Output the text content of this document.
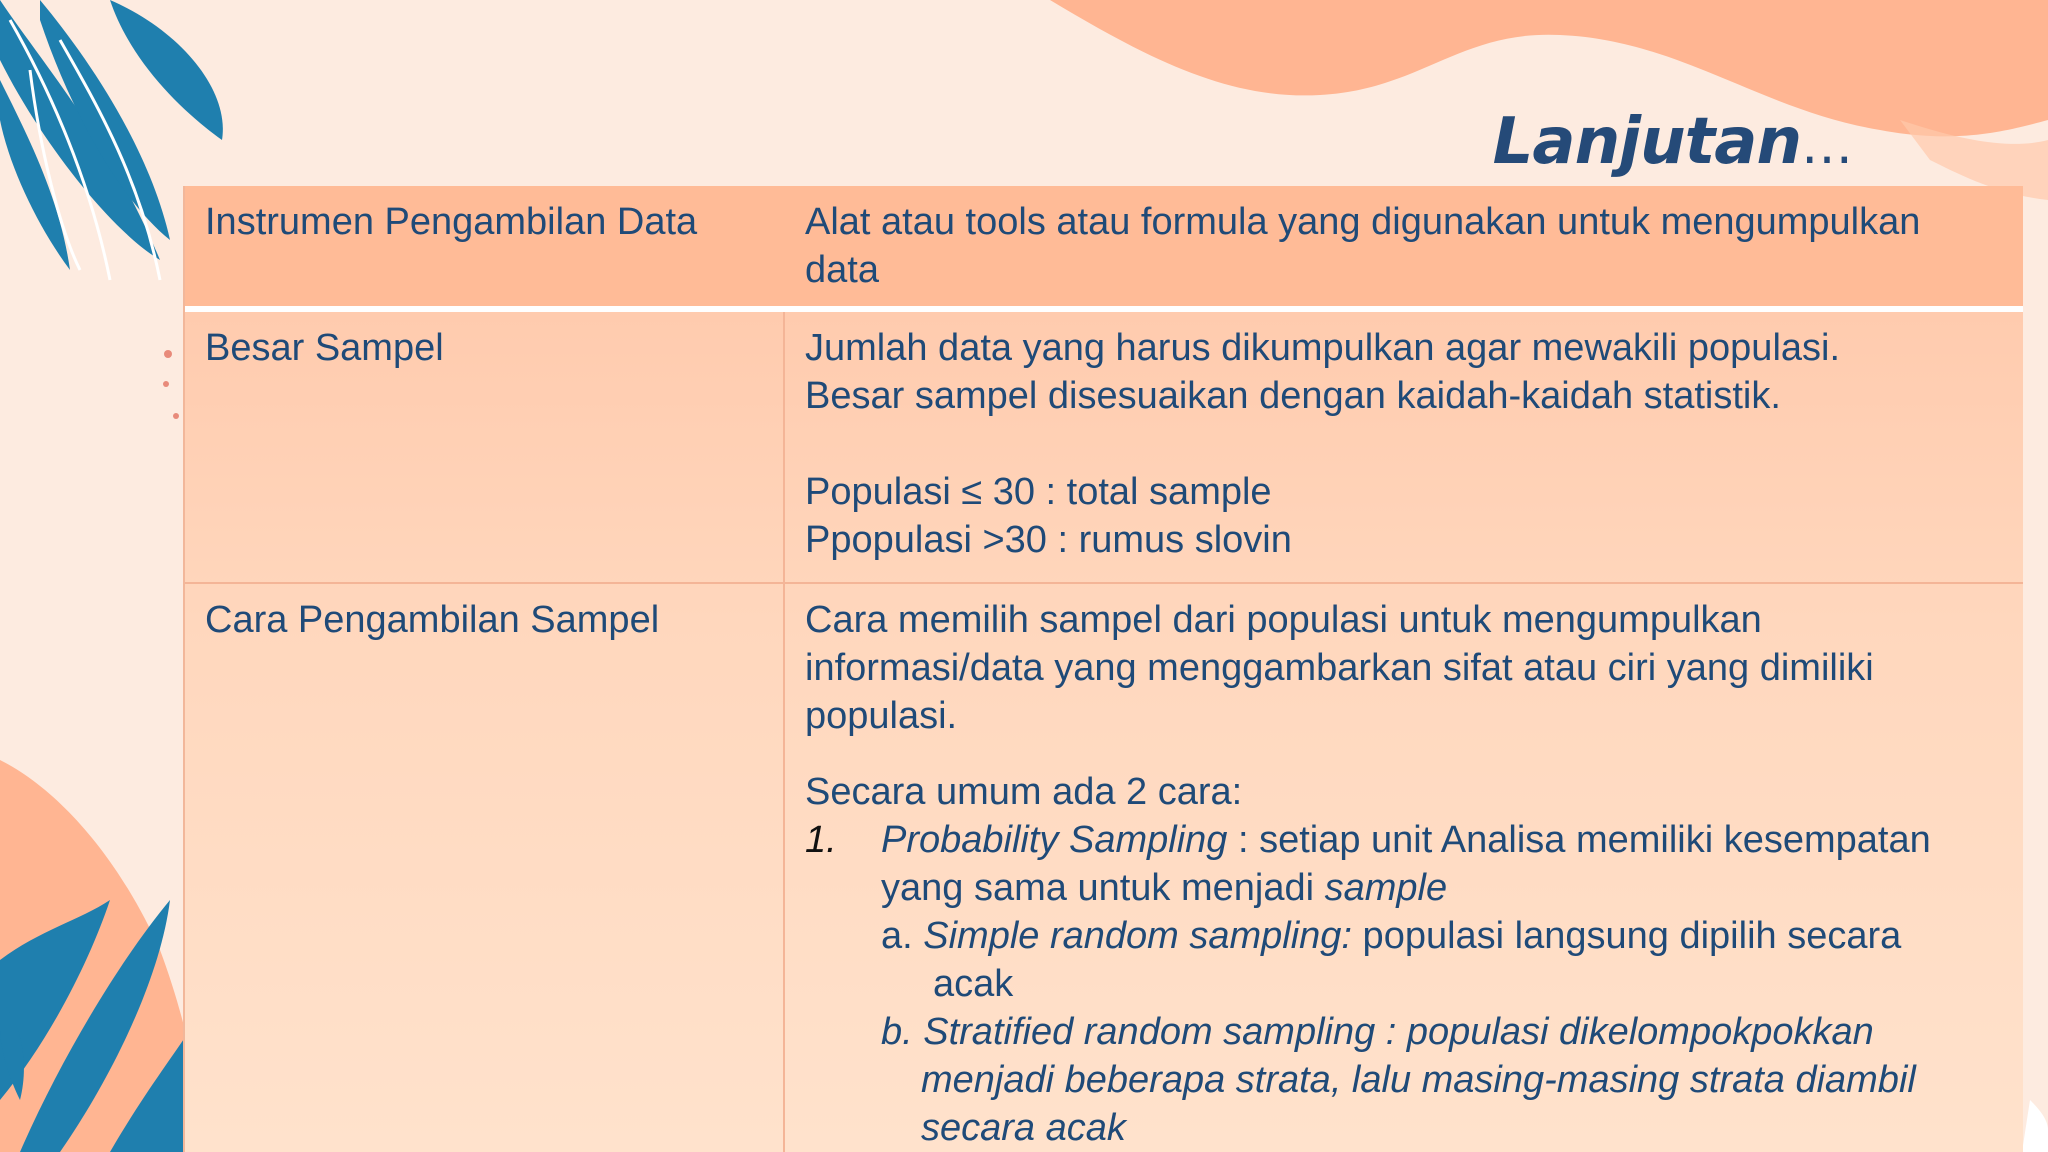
Lanjutan…

Instrumen Pengambilan Data	Alat atau tools atau formula yang digunakan untuk mengumpulkan

data

Besar Sampel	Jumlah data yang harus dikumpulkan agar mewakili populasi.

Besar sampel disesuaikan dengan kaidah-kaidah statistik.

Populasi ≤ 30 : total sample

Ppopulasi >30 : rumus slovin

Cara Pengambilan Sampel	Cara memilih sampel dari populasi untuk mengumpulkan

informasi/data yang menggambarkan sifat atau ciri yang dimiliki

populasi.

Secara umum ada 2 cara:

1.	Probability Sampling : setiap unit Analisa memiliki kesempatan

yang sama untuk menjadi sample

a. Simple random sampling: populasi langsung dipilih secara

acak

b. Stratified random sampling : populasi dikelompokpokkan

menjadi beberapa strata, lalu masing-masing strata diambil

secara acak
